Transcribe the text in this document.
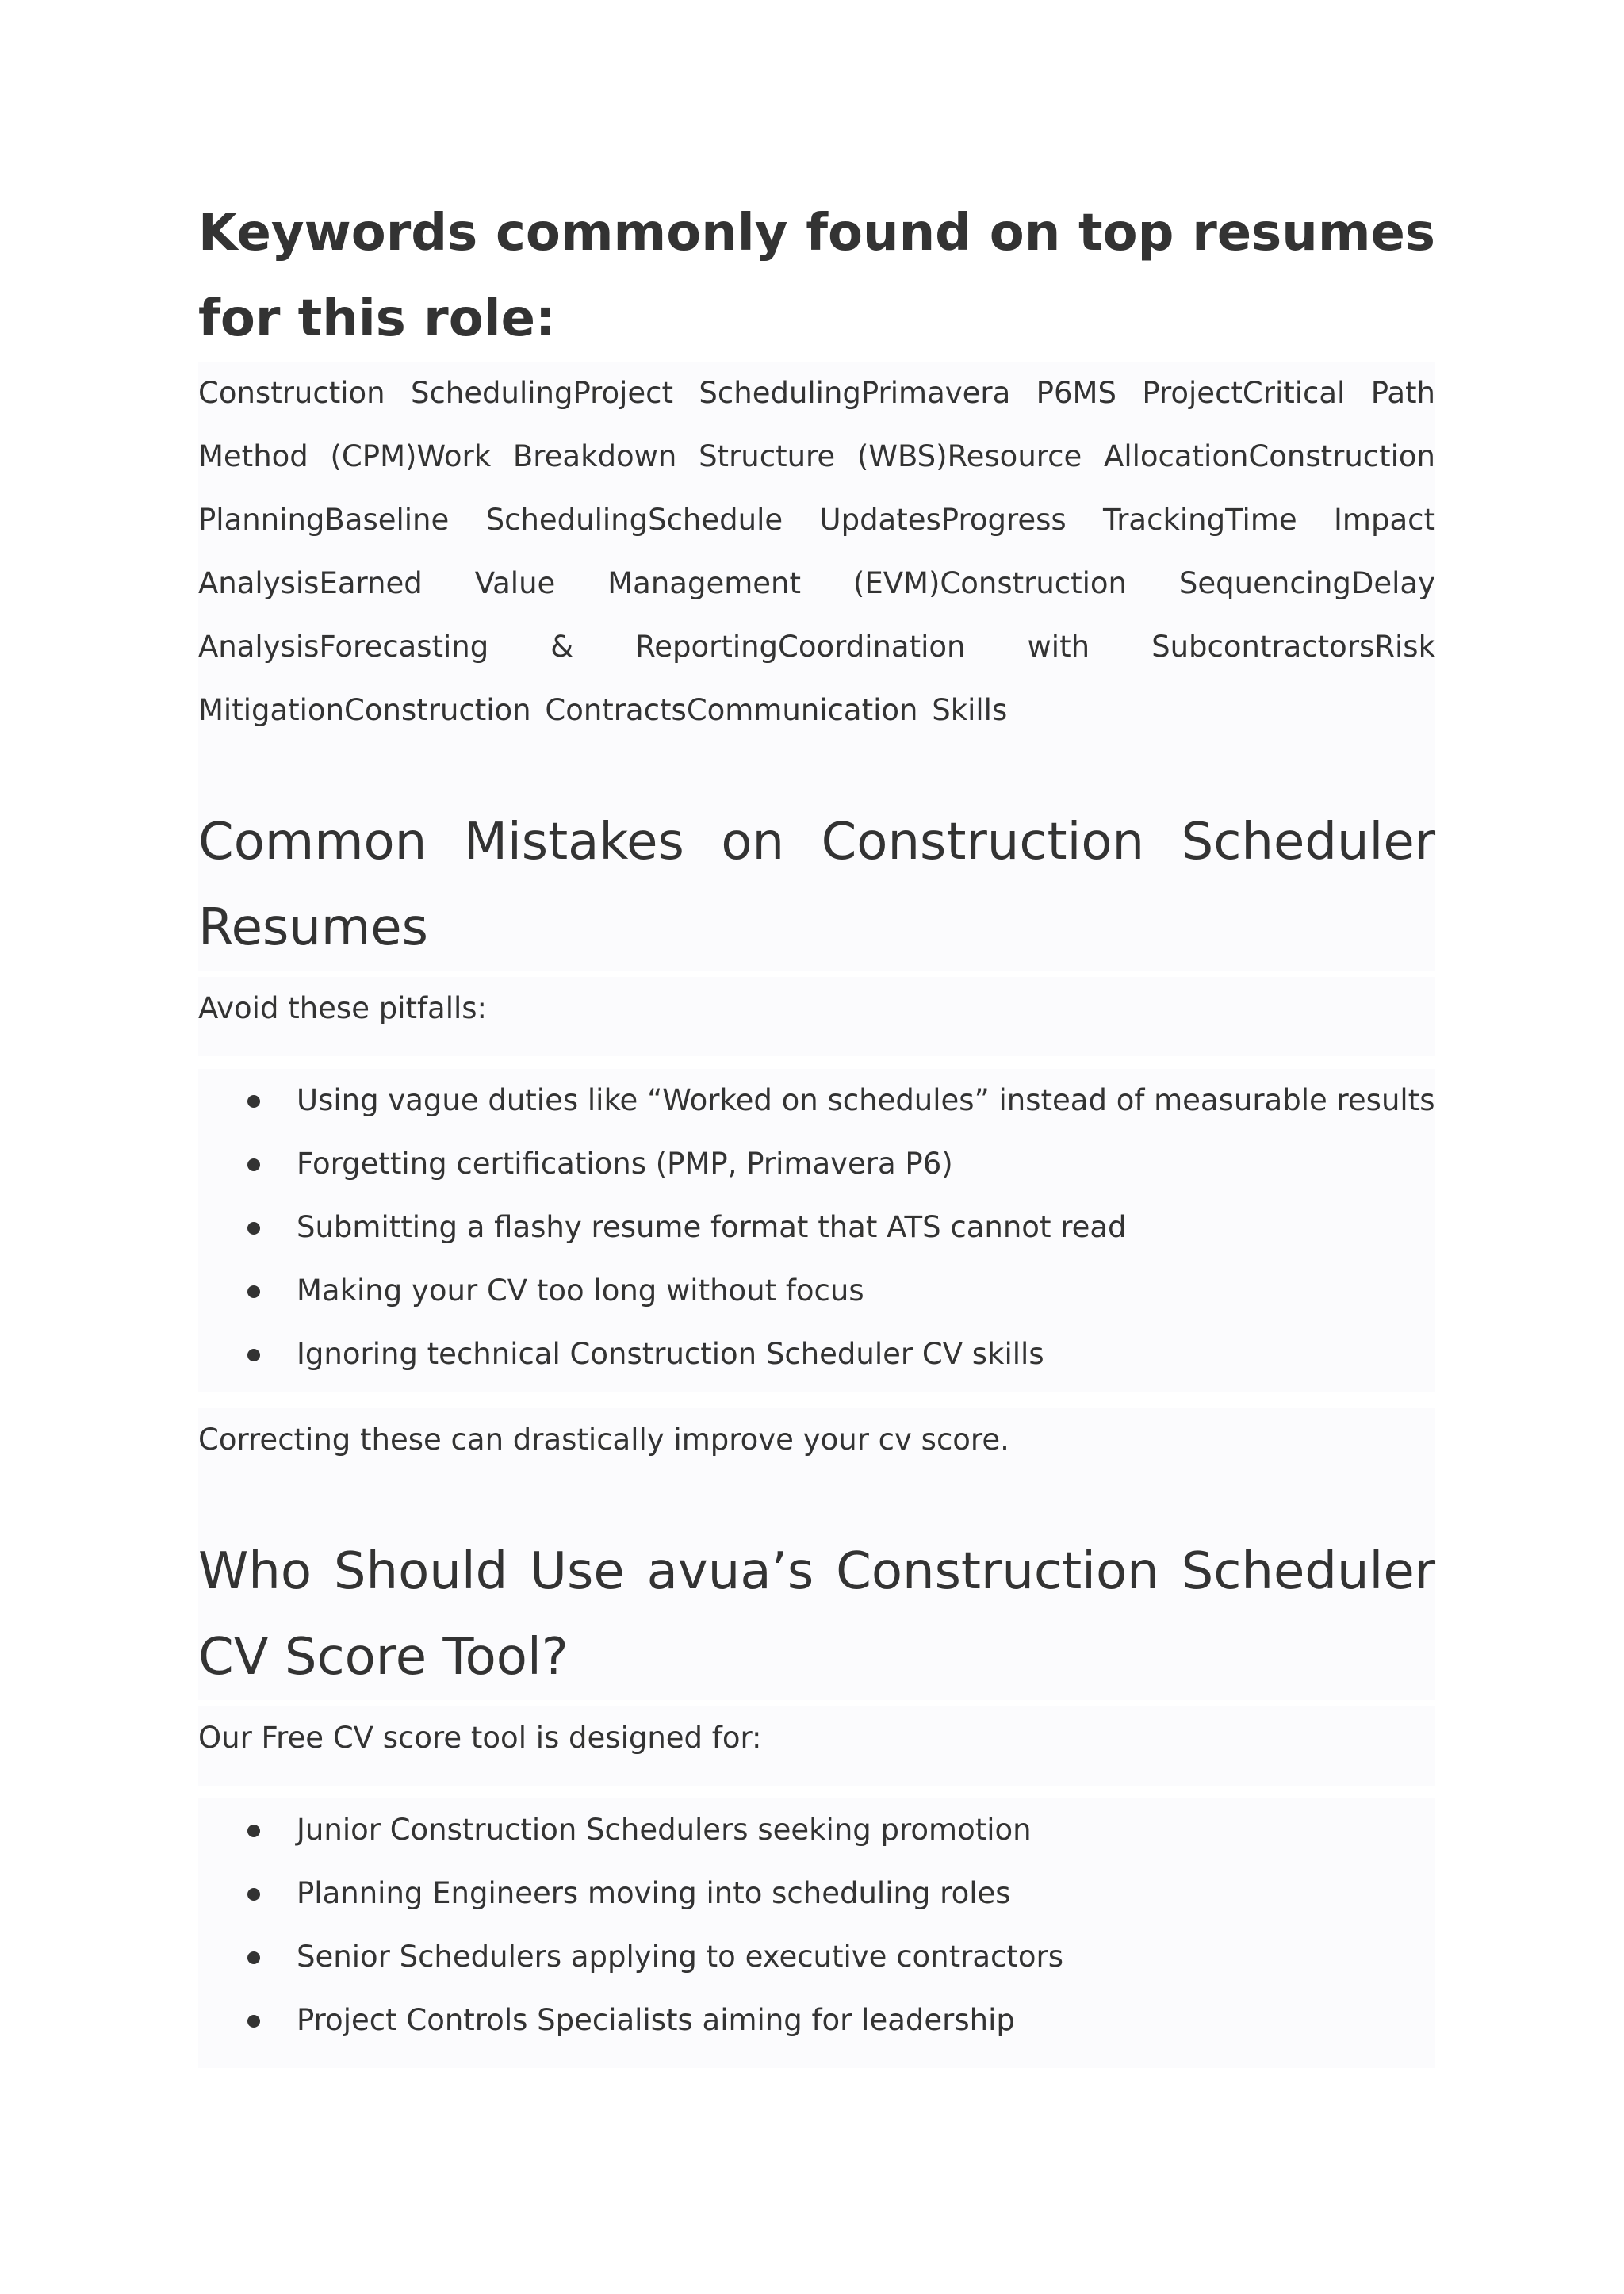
Keywords commonly found on top resumes for this role:

Construction SchedulingProject SchedulingPrimavera P6MS ProjectCritical Path Method (CPM)Work Breakdown Structure (WBS)Resource AllocationConstruction PlanningBaseline SchedulingSchedule UpdatesProgress TrackingTime Impact AnalysisEarned Value Management (EVM)Construction SequencingDelay AnalysisForecasting & ReportingCoordination with SubcontractorsRisk MitigationConstruction ContractsCommunication Skills

Common Mistakes on Construction Scheduler Resumes

Avoid these pitfalls:

Using vague duties like “Worked on schedules” instead of measurable results
Forgetting certifications (PMP, Primavera P6)
Submitting a flashy resume format that ATS cannot read
Making your CV too long without focus
Ignoring technical Construction Scheduler CV skills

Correcting these can drastically improve your cv score.

Who Should Use avua’s Construction Scheduler CV Score Tool?

Our Free CV score tool is designed for:

Junior Construction Schedulers seeking promotion
Planning Engineers moving into scheduling roles
Senior Schedulers applying to executive contractors
Project Controls Specialists aiming for leadership
